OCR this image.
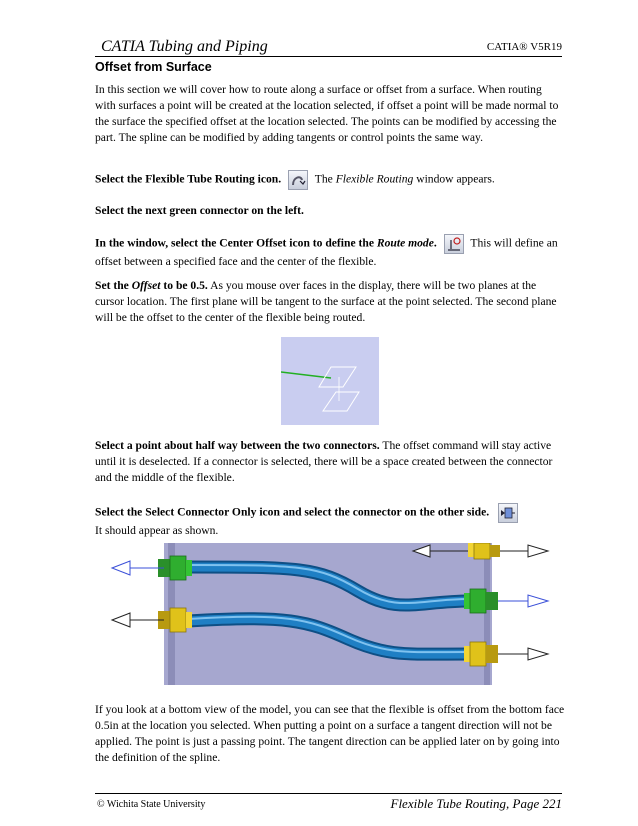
CATIA Tubing and Piping	CATIA® V5R19
Offset from Surface
In this section we will cover how to route along a surface or offset from a surface. When routing with surfaces a point will be created at the location selected, if offset a point will be made normal to the surface the specified offset at the location selected. The points can be modified by accessing the part. The spline can be modified by adding tangents or control points the same way.
Select the Flexible Tube Routing icon.	The Flexible Routing window appears.
Select the next green connector on the left.
In the window, select the Center Offset icon to define the Route mode.	This will define an offset between a specified face and the center of the flexible.
Set the Offset to be 0.5. As you mouse over faces in the display, there will be two planes at the cursor location. The first plane will be tangent to the surface at the point selected. The second plane will be the offset to the center of the flexible being routed.
Select a point about half way between the two connectors. The offset command will stay active until it is deselected. If a connector is selected, there will be a space created between the connector and the middle of the flexible.
Select the Select Connector Only icon and select the connector on the other side.

It should appear as shown.
If you look at a bottom view of the model, you can see that the flexible is offset from the bottom face 0.5in at the location you selected. When putting a point on a surface a tangent direction will not be applied. The point is just a passing point. The tangent direction can be applied later on by going into the definition of the spline.
© Wichita State University	Flexible Tube Routing, Page 221
